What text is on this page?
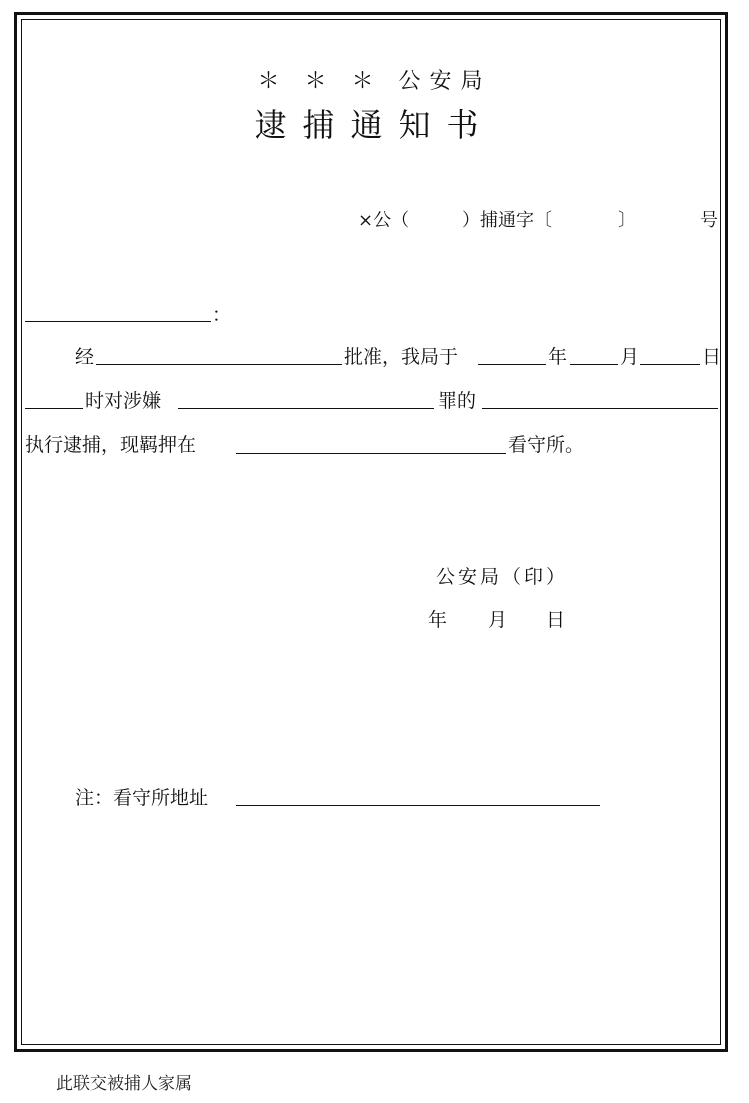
＊ ＊ ＊ 公安局
逮捕通知书
×公（	）捕通字〔	〕	号
：
经	批准，我局于	年	月	日
时对涉嫌	罪的
执行逮捕，现羁押在	看守所。
公安局（印）
年 月 日
注：看守所地址
此联交被捕人家属
